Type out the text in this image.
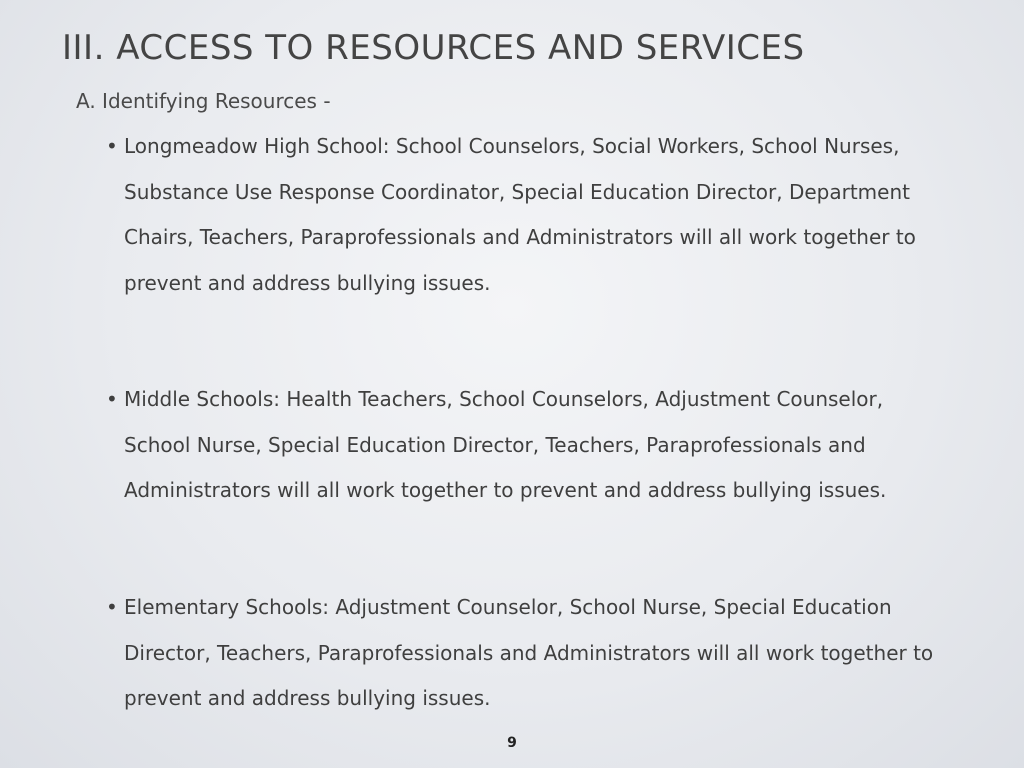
III. ACCESS TO RESOURCES AND SERVICES
A. Identifying Resources -
• Longmeadow High School: School Counselors, Social Workers, School Nurses, Substance Use Response Coordinator, Special Education Director, Department Chairs, Teachers, Paraprofessionals and Administrators will all work together to prevent and address bullying issues.
• Middle Schools: Health Teachers, School Counselors, Adjustment Counselor, School Nurse, Special Education Director, Teachers, Paraprofessionals and Administrators will all work together to prevent and address bullying issues.
• Elementary Schools: Adjustment Counselor, School Nurse, Special Education Director, Teachers, Paraprofessionals and Administrators will all work together to prevent and address bullying issues.
9
